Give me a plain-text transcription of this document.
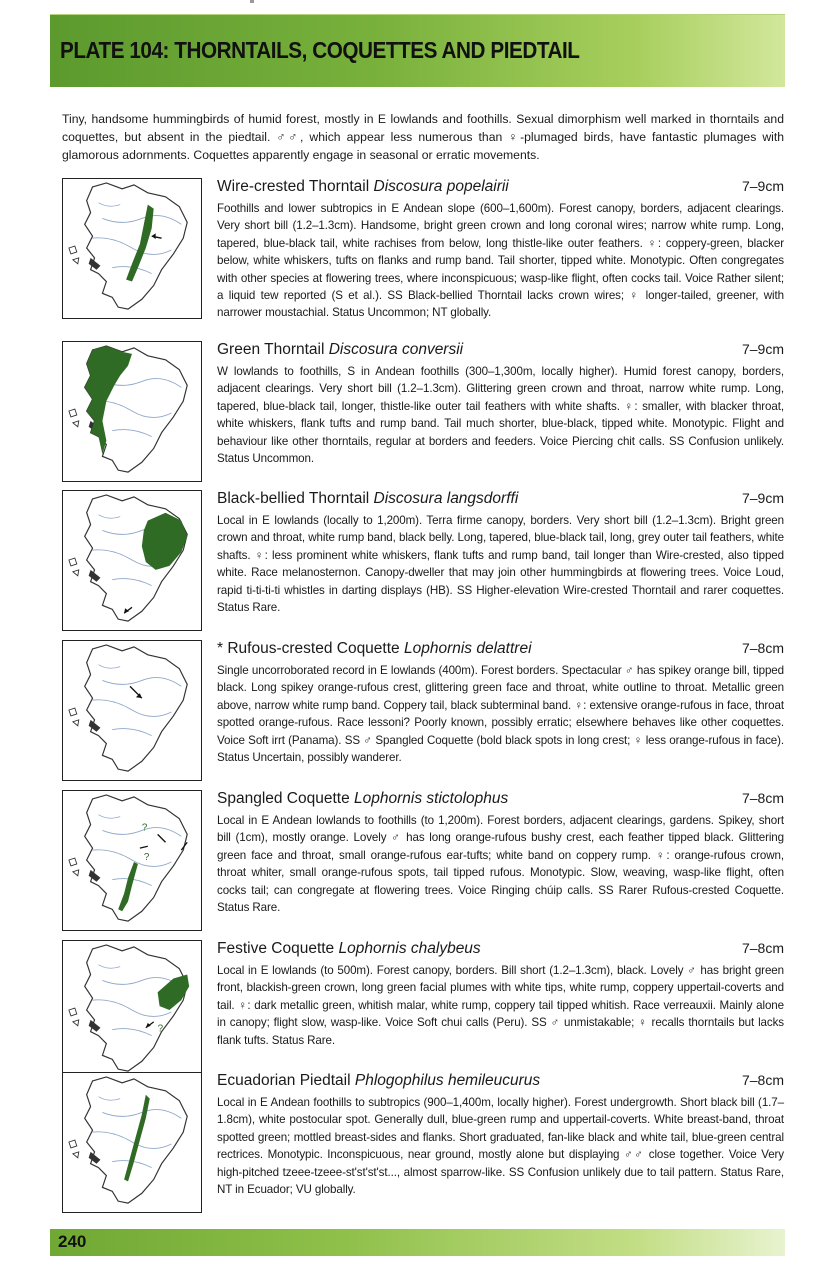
PLATE 104: THORNTAILS, COQUETTES AND PIEDTAIL
Tiny, handsome hummingbirds of humid forest, mostly in E lowlands and foothills. Sexual dimorphism well marked in thorntails and coquettes, but absent in the piedtail. ♂♂, which appear less numerous than ♀-plumaged birds, have fantastic plumages with glamorous adornments. Coquettes apparently engage in seasonal or erratic movements.
Wire-crested Thorntail Discosura popelairii	7–9cm
Foothills and lower subtropics in E Andean slope (600–1,600m). Forest canopy, borders, adjacent clearings. Very short bill (1.2–1.3cm). Handsome, bright green crown and long coronal wires; narrow white rump. Long, tapered, blue-black tail, white rachises from below, long thistle-like outer feathers. ♀: coppery-green, blacker below, white whiskers, tufts on flanks and rump band. Tail shorter, tipped white. Monotypic. Often congregates with other species at flowering trees, where inconspicuous; wasp-like flight, often cocks tail. Voice Rather silent; a liquid tew reported (S et al.). SS Black-bellied Thorntail lacks crown wires; ♀ longer-tailed, greener, with narrower moustachial. Status Uncommon; NT globally.
Green Thorntail Discosura conversii	7–9cm
W lowlands to foothills, S in Andean foothills (300–1,300m, locally higher). Humid forest canopy, borders, adjacent clearings. Very short bill (1.2–1.3cm). Glittering green crown and throat, narrow white rump. Long, tapered, blue-black tail, longer, thistle-like outer tail feathers with white shafts. ♀: smaller, with blacker throat, white whiskers, flank tufts and rump band. Tail much shorter, blue-black, tipped white. Monotypic. Flight and behaviour like other thorntails, regular at borders and feeders. Voice Piercing chit calls. SS Confusion unlikely. Status Uncommon.
Black-bellied Thorntail Discosura langsdorffi	7–9cm
Local in E lowlands (locally to 1,200m). Terra firme canopy, borders. Very short bill (1.2–1.3cm). Bright green crown and throat, white rump band, black belly. Long, tapered, blue-black tail, long, grey outer tail feathers, white shafts. ♀: less prominent white whiskers, flank tufts and rump band, tail longer than Wire-crested, also tipped white. Race melanosternon. Canopy-dweller that may join other hummingbirds at flowering trees. Voice Loud, rapid ti-ti-ti-ti whistles in darting displays (HB). SS Higher-elevation Wire-crested Thorntail and rarer coquettes. Status Rare.
* Rufous-crested Coquette Lophornis delattrei	7–8cm
Single uncorroborated record in E lowlands (400m). Forest borders. Spectacular ♂ has spikey orange bill, tipped black. Long spikey orange-rufous crest, glittering green face and throat, white outline to throat. Metallic green above, narrow white rump band. Coppery tail, black subterminal band. ♀: extensive orange-rufous in face, throat spotted orange-rufous. Race lessoni? Poorly known, possibly erratic; elsewhere behaves like other coquettes. Voice Soft irrt (Panama). SS ♂ Spangled Coquette (bold black spots in long crest; ♀ less orange-rufous in face). Status Uncertain, possibly wanderer.
?
?
Spangled Coquette Lophornis stictolophus	7–8cm
Local in E Andean lowlands to foothills (to 1,200m). Forest borders, adjacent clearings, gardens. Spikey, short bill (1cm), mostly orange. Lovely ♂ has long orange-rufous bushy crest, each feather tipped black. Glittering green face and throat, small orange-rufous ear-tufts; white band on coppery rump. ♀: orange-rufous crown, throat whiter, small orange-rufous spots, tail tipped rufous. Monotypic. Slow, weaving, wasp-like flight, often cocks tail; can congregate at flowering trees. Voice Ringing chúip calls. SS Rarer Rufous-crested Coquette. Status Rare.
?
Festive Coquette Lophornis chalybeus	7–8cm
Local in E lowlands (to 500m). Forest canopy, borders. Bill short (1.2–1.3cm), black. Lovely ♂ has bright green front, blackish-green crown, long green facial plumes with white tips, white rump, coppery uppertail-coverts and tail. ♀: dark metallic green, whitish malar, white rump, coppery tail tipped whitish. Race verreauxii. Mainly alone in canopy; flight slow, wasp-like. Voice Soft chui calls (Peru). SS ♂ unmistakable; ♀ recalls thorntails but lacks flank tufts. Status Rare.
Ecuadorian Piedtail Phlogophilus hemileucurus	7–8cm
Local in E Andean foothills to subtropics (900–1,400m, locally higher). Forest undergrowth. Short black bill (1.7–1.8cm), white postocular spot. Generally dull, blue-green rump and uppertail-coverts. White breast-band, throat spotted green; mottled breast-sides and flanks. Short graduated, fan-like black and white tail, blue-green central rectrices. Monotypic. Inconspicuous, near ground, mostly alone but displaying ♂♂ close together. Voice Very high-pitched tzeee-tzeee-st'st'st'st..., almost sparrow-like. SS Confusion unlikely due to tail pattern. Status Rare, NT in Ecuador; VU globally.
240
